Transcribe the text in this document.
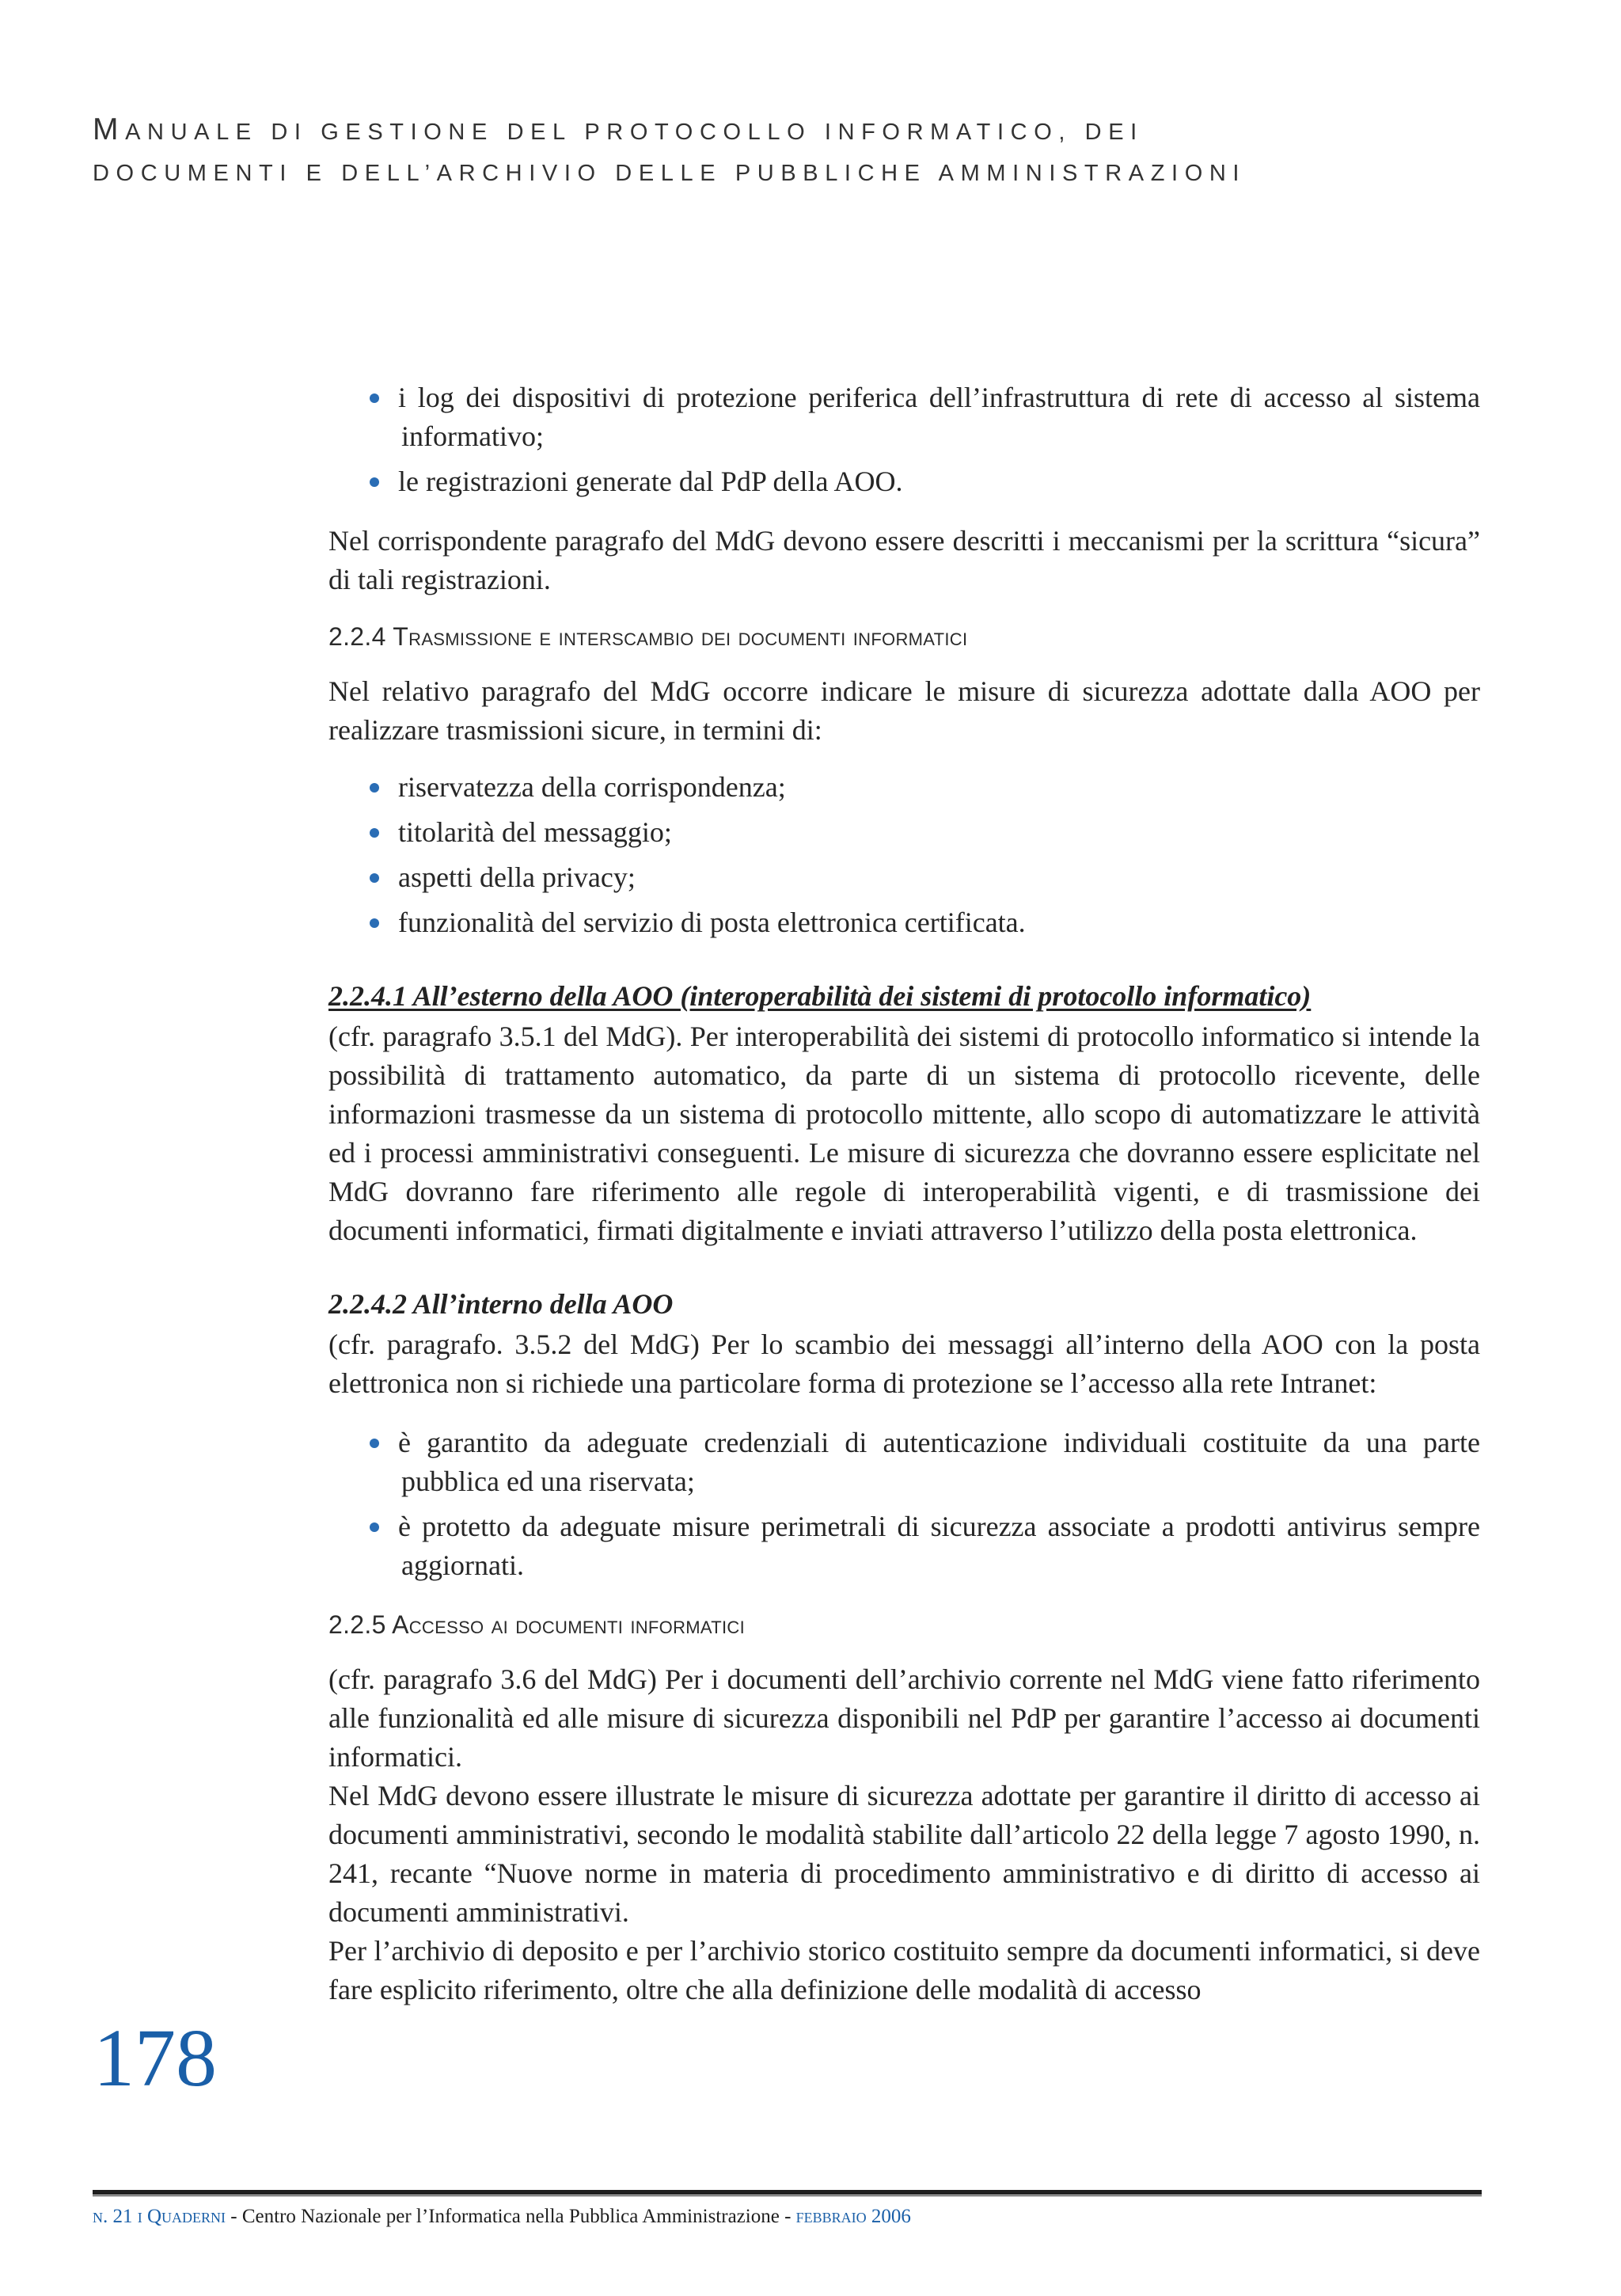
MANUALE DI GESTIONE DEL PROTOCOLLO INFORMATICO, DEI
DOCUMENTI E DELL’ARCHIVIO DELLE PUBBLICHE AMMINISTRAZIONI
178
i log dei dispositivi di protezione periferica dell’infrastruttura di rete di accesso al sistema informativo;
le registrazioni generate dal PdP della AOO.

Nel corrispondente paragrafo del MdG devono essere descritti i meccanismi per la scrittura “sicura” di tali registrazioni.

2.2.4 Trasmissione e interscambio dei documenti informatici

Nel relativo paragrafo del MdG occorre indicare le misure di sicurezza adottate dalla AOO per realizzare trasmissioni sicure, in termini di:

riservatezza della corrispondenza;
titolarità del messaggio;
aspetti della privacy;
funzionalità del servizio di posta elettronica certificata.
2.2.4.1 All’esterno della AOO (interoperabilità dei sistemi di protocollo informatico)

(cfr. paragrafo 3.5.1 del MdG). Per interoperabilità dei sistemi di protocollo informatico si intende la possibilità di trattamento automatico, da parte di un sistema di protocollo ricevente, delle informazioni trasmesse da un sistema di protocollo mittente, allo scopo di automatizzare le attività ed i processi amministrativi conseguenti. Le misure di sicurezza che dovranno essere esplicitate nel MdG dovranno fare riferimento alle regole di interoperabilità vigenti, e di trasmissione dei documenti informatici, firmati digitalmente e inviati attraverso l’utilizzo della posta elettronica.

2.2.4.2 All’interno della AOO

(cfr. paragrafo. 3.5.2 del MdG) Per lo scambio dei messaggi all’interno della AOO con la posta elettronica non si richiede una particolare forma di protezione se l’accesso alla rete Intranet:

è garantito da adeguate credenziali di autenticazione individuali costituite da una parte pubblica ed una riservata;
è protetto da adeguate misure perimetrali di sicurezza associate a prodotti antivirus sempre aggiornati.
2.2.5 Accesso ai documenti informatici

(cfr. paragrafo 3.6 del MdG) Per i documenti dell’archivio corrente nel MdG viene fatto riferimento alle funzionalità ed alle misure di sicurezza disponibili nel PdP per garantire l’accesso ai documenti informatici.

Nel MdG devono essere illustrate le misure di sicurezza adottate per garantire il diritto di accesso ai documenti amministrativi, secondo le modalità stabilite dall’articolo 22 della legge 7 agosto 1990, n. 241, recante “Nuove norme in materia di procedimento amministrativo e di diritto di accesso ai documenti amministrativi.

Per l’archivio di deposito e per l’archivio storico costituito sempre da documenti informatici, si deve fare esplicito riferimento, oltre che alla definizione delle modalità di accesso

n. 21 i Quaderni - Centro Nazionale per l’Informatica nella Pubblica Amministrazione - febbraio 2006
